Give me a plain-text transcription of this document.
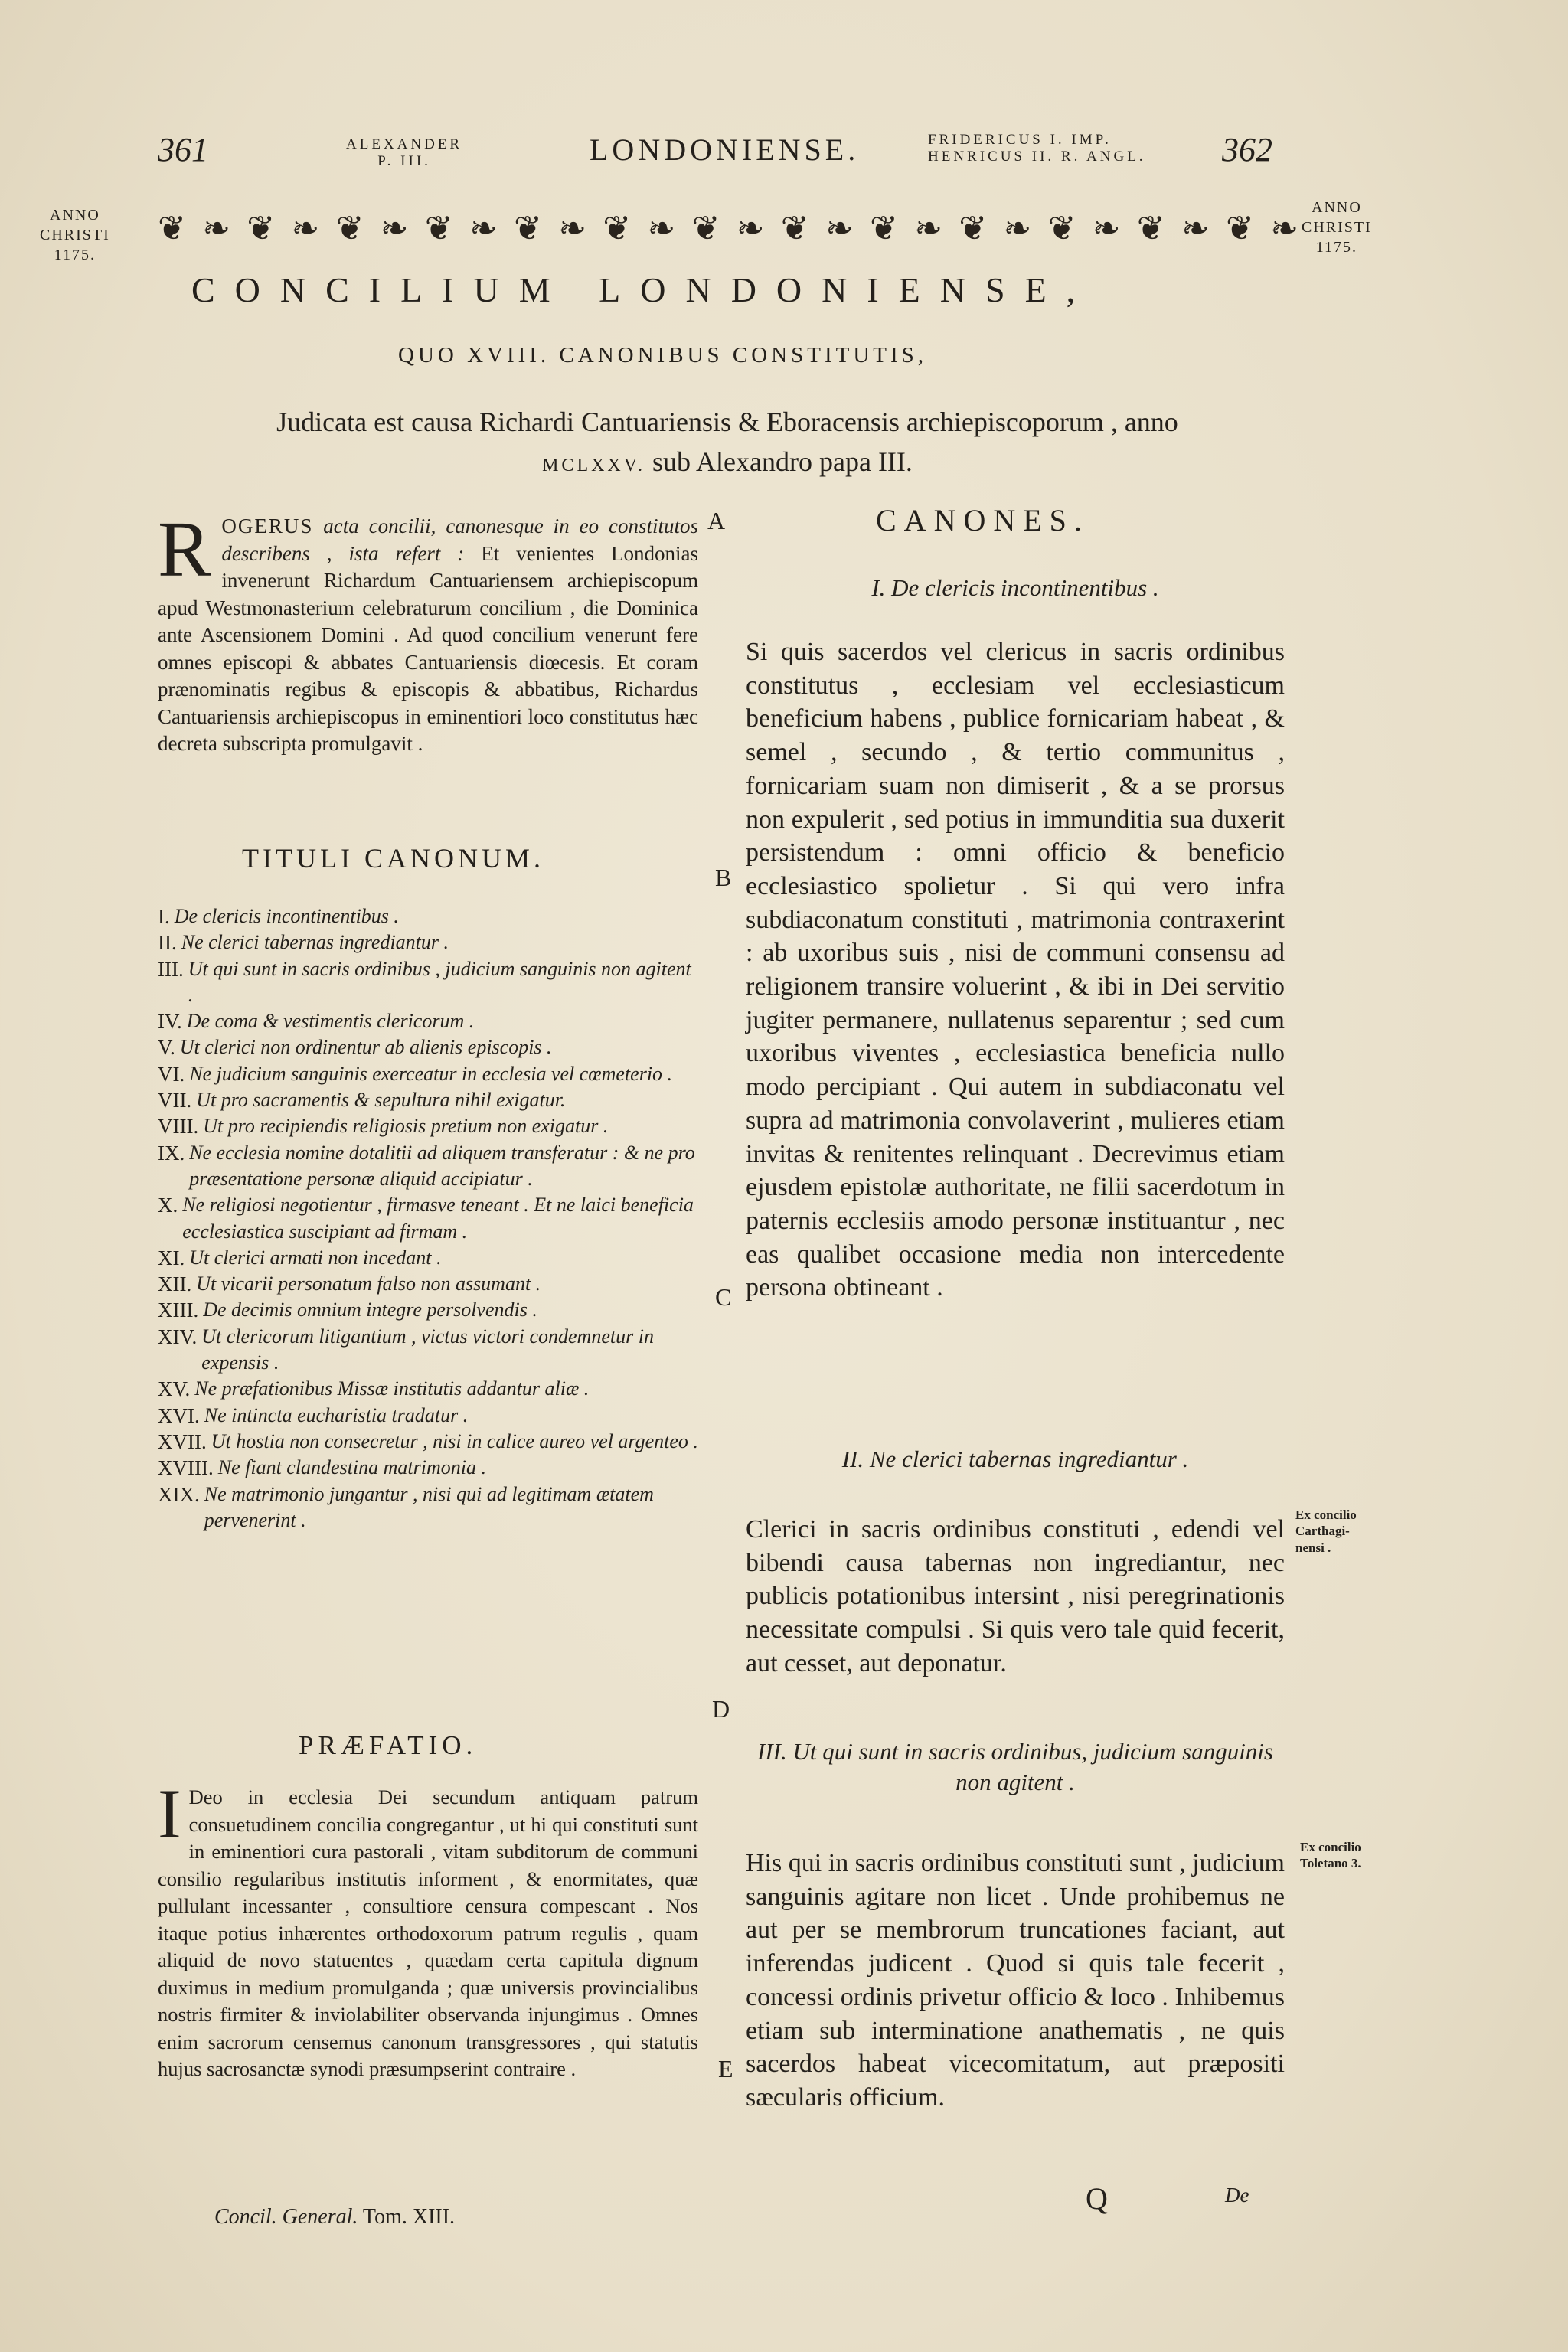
361	ALEXANDER
P. III.	LONDONIENSE.	FRIDERICUS I. IMP.
HENRICUS II. R. ANGL. 362
ANNO
CHRISTI
1175.
ANNO
CHRISTI
1175.
❦ ❧ ❦ ❧ ❦ ❧ ❦ ❧ ❦ ❧ ❦ ❧ ❦ ❧ ❦ ❧ ❦ ❧ ❦ ❧ ❦ ❧ ❦ ❧ ❦ ❧
CONCILIUM LONDONIENSE,
QUO XVIII. CANONIBUS CONSTITUTIS,
Judicata est causa Richardi Cantuariensis & Eboracensis archiepiscoporum , anno
MCLXXV. sub Alexandro papa III.
R OGERUS acta concilii, canonesque in eo constitutos describens , ista refert : Et venientes Londonias invenerunt Richardum Cantuariensem archiepiscopum apud Westmonasterium celebraturum concilium , die Dominica ante Ascensionem Domini . Ad quod concilium venerunt fere omnes episcopi & abbates Cantuariensis diœcesis. Et coram prænominatis regibus & episcopis & abbatibus, Richardus Cantuariensis archiepiscopus in eminentiori loco constitutus hæc decreta subscripta promulgavit .
TITULI CANONUM.
I. De clericis incontinentibus .
II. Ne clerici tabernas ingrediantur .
III. Ut qui sunt in sacris ordinibus , judicium sanguinis non agitent .
IV. De coma & vestimentis clericorum .
V. Ut clerici non ordinentur ab alienis episcopis .
VI. Ne judicium sanguinis exerceatur in ecclesia vel cœmeterio .
VII. Ut pro sacramentis & sepultura nihil exigatur.
VIII. Ut pro recipiendis religiosis pretium non exigatur .
IX. Ne ecclesia nomine dotalitii ad aliquem transferatur : & ne pro præsentatione personæ aliquid accipiatur .
X. Ne religiosi negotientur , firmasve teneant . Et ne laici beneficia ecclesiastica suscipiant ad firmam .
XI. Ut clerici armati non incedant .
XII. Ut vicarii personatum falso non assumant .
XIII. De decimis omnium integre persolvendis .
XIV. Ut clericorum litigantium , victus victori condemnetur in expensis .
XV. Ne præfationibus Missæ institutis addantur aliæ .
XVI. Ne intincta eucharistia tradatur .
XVII. Ut hostia non consecretur , nisi in calice aureo vel argenteo .
XVIII. Ne fiant clandestina matrimonia .
XIX. Ne matrimonio jungantur , nisi qui ad legitimam ætatem pervenerint .
PRÆFATIO.
I Deo in ecclesia Dei secundum antiquam patrum consuetudinem concilia congregantur , ut hi qui constituti sunt in eminentiori cura pastorali , vitam subditorum de communi consilio regularibus institutis informent , & enormitates, quæ pullulant incessanter , consultiore censura compescant . Nos itaque potius inhærentes orthodoxorum patrum regulis , quam aliquid de novo statuentes , quædam certa capitula dignum duximus in medium promulganda ; quæ universis provincialibus nostris firmiter & inviolabiliter observanda injungimus . Omnes enim sacrorum censemus canonum transgressores , qui statutis hujus sacrosanctæ synodi præsumpserint contraire .
Concil. General. Tom. XIII.
A
B
C
D
E
CANONES.
I. De clericis incontinentibus .
Si quis sacerdos vel clericus in sacris ordinibus constitutus , ecclesiam vel ecclesiasticum beneficium habens , publice fornicariam habeat , & semel , secundo , & tertio communitus , fornicariam suam non dimiserit , & a se prorsus non expulerit , sed potius in immunditia sua duxerit persistendum : omni officio & beneficio ecclesiastico spolietur . Si qui vero infra subdiaconatum constituti , matrimonia contraxerint : ab uxoribus suis , nisi de communi consensu ad religionem transire voluerint , & ibi in Dei servitio jugiter permanere, nullatenus separentur ; sed cum uxoribus viventes , ecclesiastica beneficia nullo modo percipiant . Qui autem in subdiaconatu vel supra ad matrimonia convolaverint , mulieres etiam invitas & renitentes relinquant . Decrevimus etiam ejusdem epistolæ authoritate, ne filii sacerdotum in paternis ecclesiis amodo personæ instituantur , nec eas qualibet occasione media non intercedente persona obtineant .
II. Ne clerici tabernas ingrediantur .
Clerici in sacris ordinibus constituti , edendi vel bibendi causa tabernas non ingrediantur, nec publicis potationibus intersint , nisi peregrinationis necessitate compulsi . Si quis vero tale quid fecerit, aut cesset, aut deponatur.
III. Ut qui sunt in sacris ordinibus, judicium sanguinis non agitent .
His qui in sacris ordinibus constituti sunt , judicium sanguinis agitare non licet . Unde prohibemus ne aut per se membrorum truncationes faciant, aut inferendas judicent . Quod si quis tale fecerit , concessi ordinis privetur officio & loco . Inhibemus etiam sub interminatione anathematis , ne quis sacerdos habeat vicecomitatum, aut præpositi sæcularis officium.
Ex concilio
Carthagi-
nensi .
Ex concilio
Toletano 3.
Q	De
